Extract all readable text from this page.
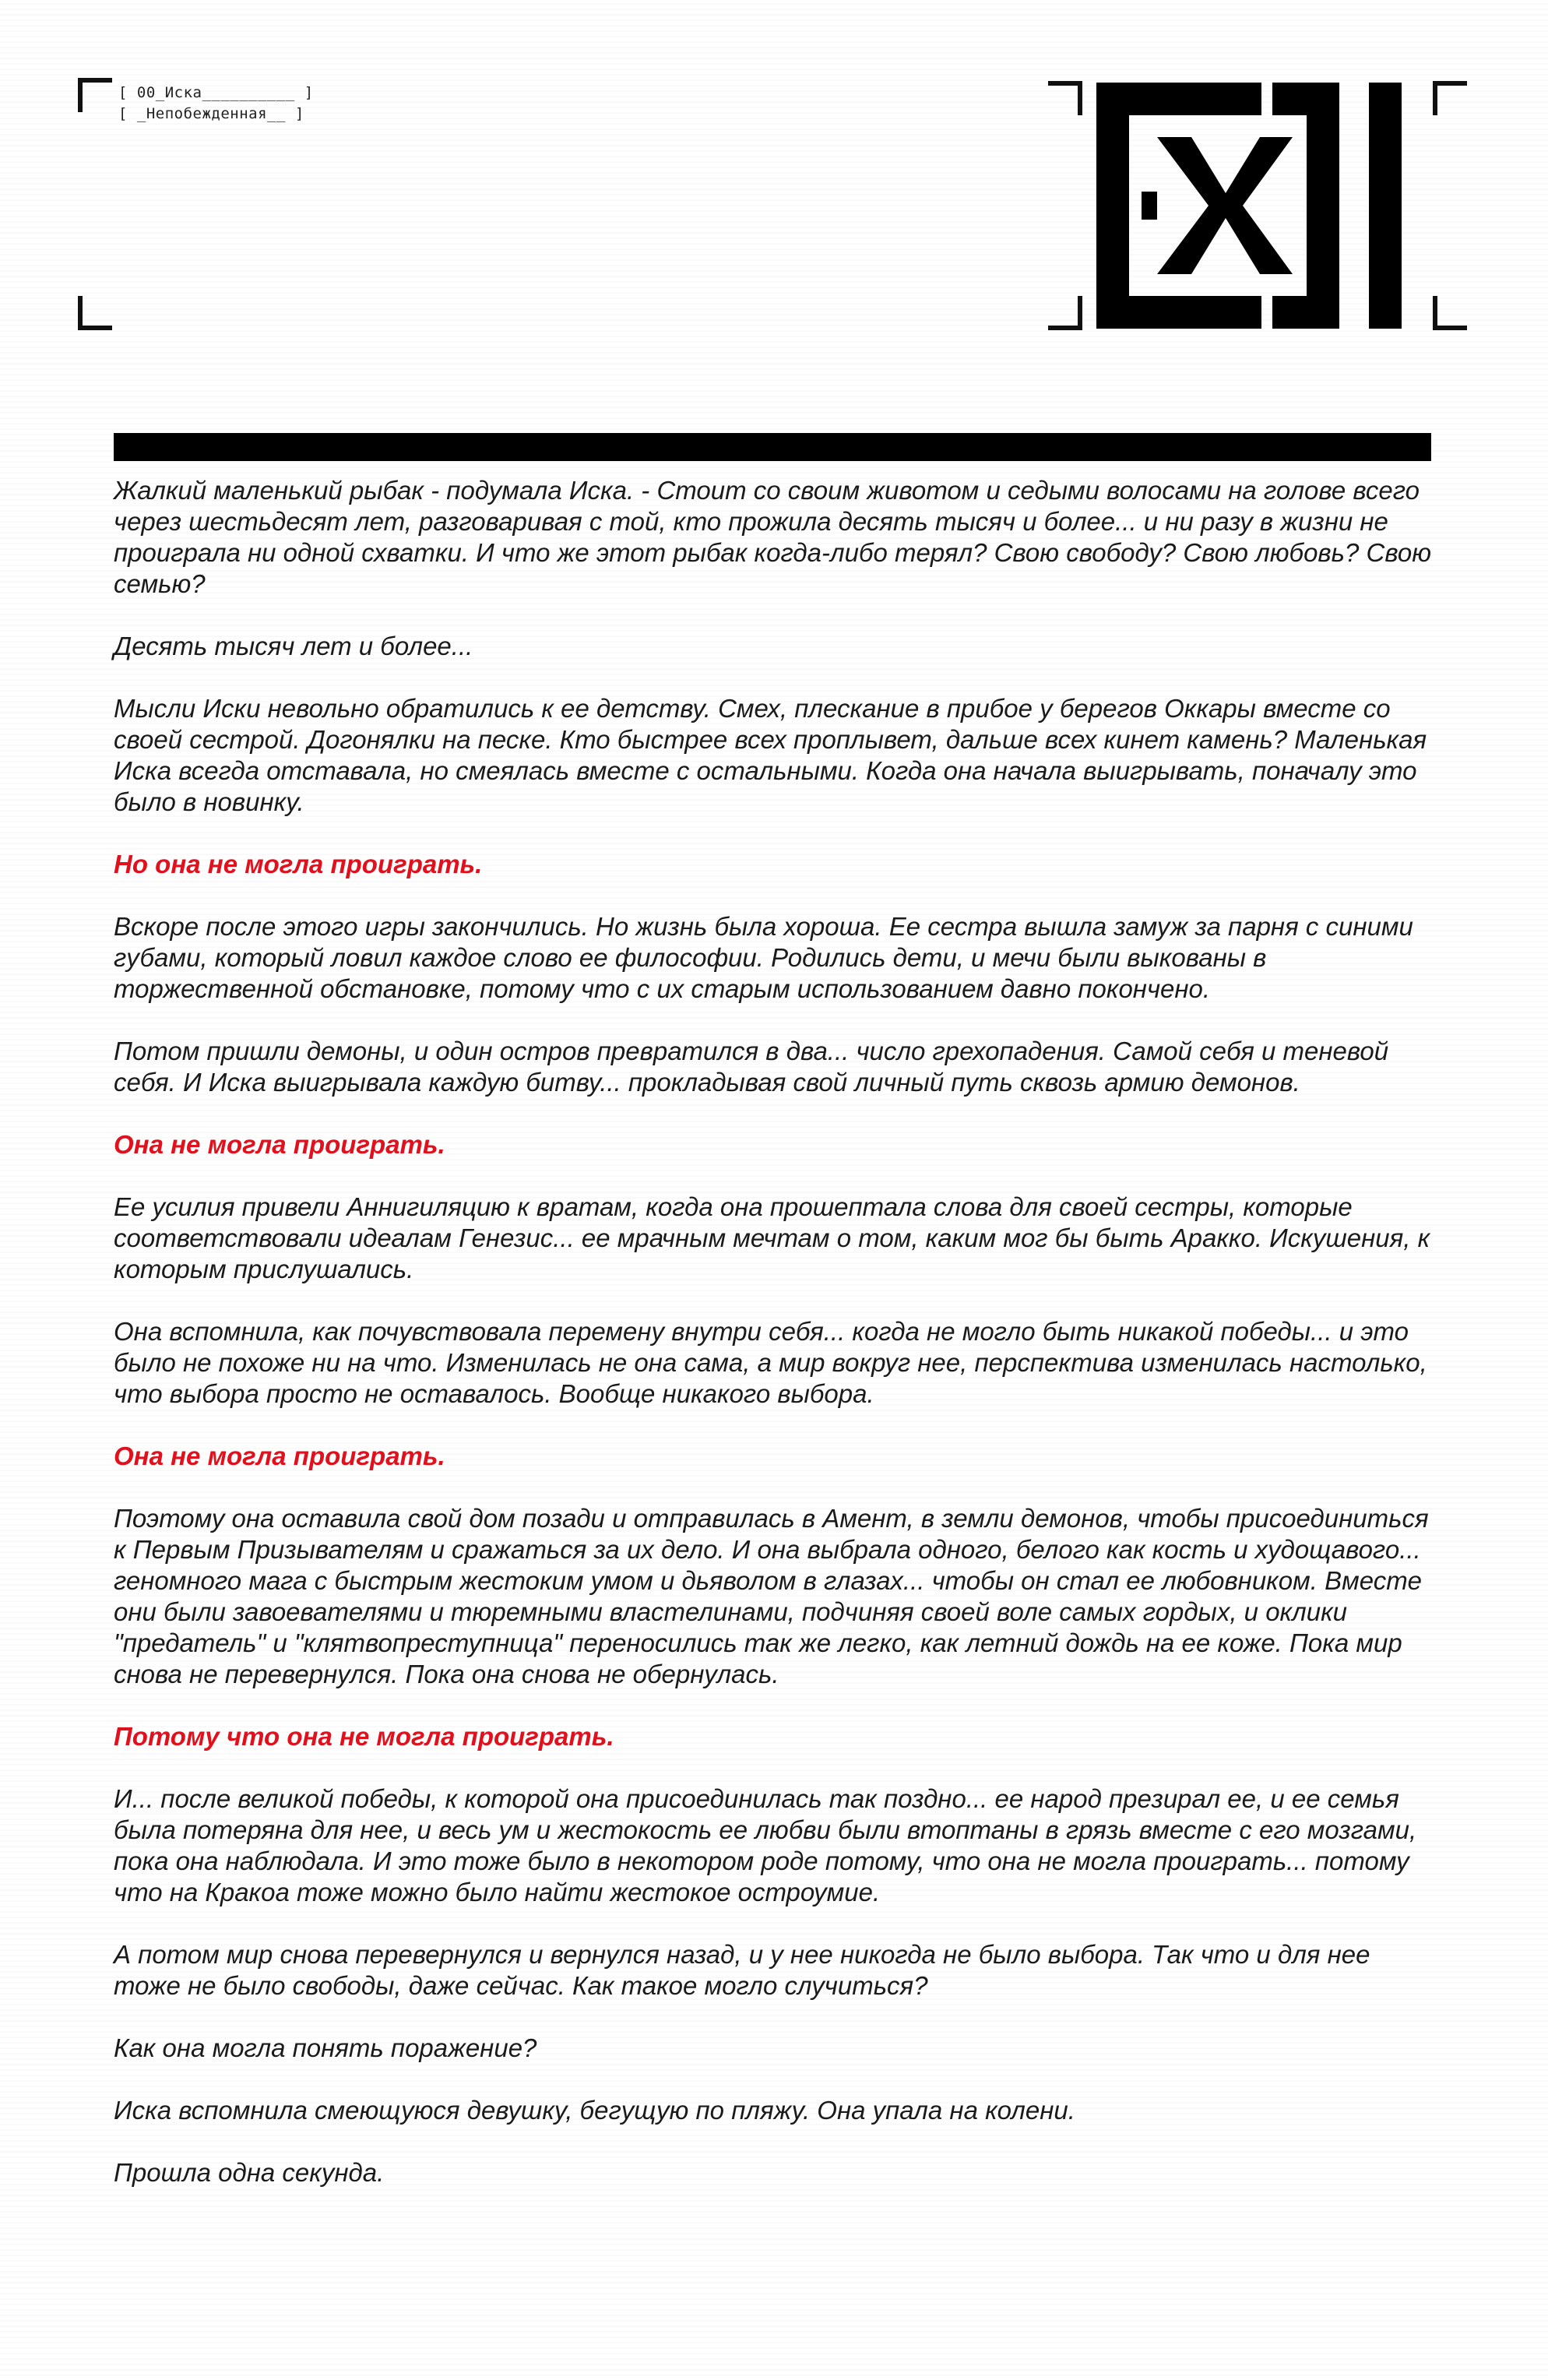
[ 00_Иска__________ ]
[ _Непобежденная__ ]

Жалкий маленький рыбак - подумала Иска. - Стоит со своим животом и седыми волосами на голове всего через шестьдесят лет, разговаривая с той, кто прожила десять тысяч и более... и ни разу в жизни не проиграла ни одной схватки. И что же этот рыбак когда-либо терял? Свою свободу? Свою любовь? Свою семью?

Десять тысяч лет и более...

Мысли Иски невольно обратились к ее детству. Смех, плескание в прибое у берегов Оккары вместе со своей сестрой. Догонялки на песке. Кто быстрее всех проплывет, дальше всех кинет камень? Маленькая Иска всегда отставала, но смеялась вместе с остальными. Когда она начала выигрывать, поначалу это было в новинку.

Но она не могла проиграть.

Вскоре после этого игры закончились. Но жизнь была хороша. Ее сестра вышла замуж за парня с синими губами, который ловил каждое слово ее философии. Родились дети, и мечи были выкованы в торжественной обстановке, потому что с их старым использованием давно покончено.

Потом пришли демоны, и один остров превратился в два... число грехопадения. Самой себя и теневой себя. И Иска выигрывала каждую битву... прокладывая свой личный путь сквозь армию демонов.

Она не могла проиграть.

Ее усилия привели Аннигиляцию к вратам, когда она прошептала слова для своей сестры, которые соответствовали идеалам Генезис... ее мрачным мечтам о том, каким мог бы быть Аракко. Искушения, к которым прислушались.

Она вспомнила, как почувствовала перемену внутри себя... когда не могло быть никакой победы... и это было не похоже ни на что. Изменилась не она сама, а мир вокруг нее, перспектива изменилась настолько, что выбора просто не оставалось. Вообще никакого выбора.

Она не могла проиграть.

Поэтому она оставила свой дом позади и отправилась в Амент, в земли демонов, чтобы присоединиться к Первым Призывателям и сражаться за их дело. И она выбрала одного, белого как кость и худощавого... геномного мага с быстрым жестоким умом и дьяволом в глазах... чтобы он стал ее любовником. Вместе они были завоевателями и тюремными властелинами, подчиняя своей воле самых гордых, и оклики "предатель" и "клятвопреступница" переносились так же легко, как летний дождь на ее коже. Пока мир снова не перевернулся. Пока она снова не обернулась.

Потому что она не могла проиграть.

И... после великой победы, к которой она присоединилась так поздно... ее народ презирал ее, и ее семья была потеряна для нее, и весь ум и жестокость ее любви были втоптаны в грязь вместе с его мозгами, пока она наблюдала. И это тоже было в некотором роде потому, что она не могла проиграть... потому что на Кракоа тоже можно было найти жестокое остроумие.

А потом мир снова перевернулся и вернулся назад, и у нее никогда не было выбора. Так что и для нее тоже не было свободы, даже сейчас. Как такое могло случиться?

Как она могла понять поражение?

Иска вспомнила смеющуюся девушку, бегущую по пляжу. Она упала на колени.

Прошла одна секунда.
